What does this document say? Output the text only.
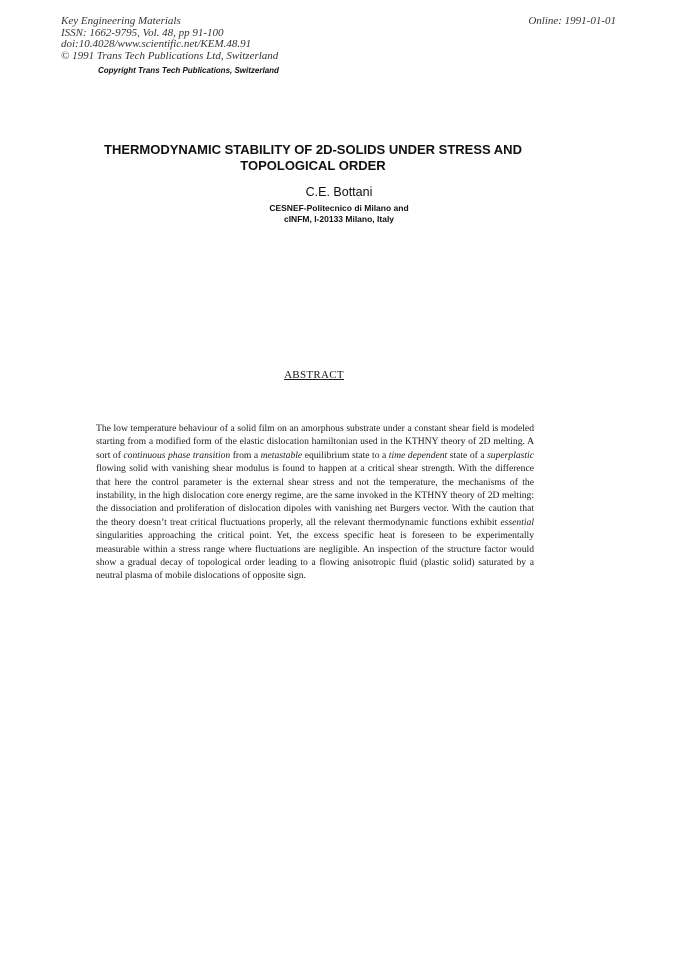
Key Engineering Materials
ISSN: 1662-9795, Vol. 48, pp 91-100
doi:10.4028/www.scientific.net/KEM.48.91
© 1991 Trans Tech Publications Ltd, Switzerland
Online: 1991-01-01
Copyright Trans Tech Publications, Switzerland
THERMODYNAMIC STABILITY OF 2D-SOLIDS UNDER STRESS AND
TOPOLOGICAL ORDER
C.E. Bottani
CESNEF-Politecnico di Milano and
cINFM, I-20133 Milano, Italy
ABSTRACT
The low temperature behaviour of a solid film on an amorphous substrate under a constant shear field is modeled starting from a modified form of the elastic dislocation hamiltonian used in the KTHNY theory of 2D melting. A sort of continuous phase transition from a metastable equilibrium state to a time dependent state of a superplastic flowing solid with vanishing shear modulus is found to happen at a critical shear strength. With the difference that here the control parameter is the external shear stress and not the temperature, the mechanisms of the instability, in the high dislocation core energy regime, are the same invoked in the KTHNY theory of 2D melting: the dissociation and proliferation of dislocation dipoles with vanishing net Burgers vector. With the caution that the theory doesn’t treat critical fluctuations properly, all the relevant thermodynamic functions exhibit essential singularities approaching the critical point. Yet, the excess specific heat is foreseen to be experimentally measurable within a stress range where fluctuations are negligible. An inspection of the structure factor would show a gradual decay of topological order leading to a flowing anisotropic fluid (plastic solid) saturated by a neutral plasma of mobile dislocations of opposite sign.
